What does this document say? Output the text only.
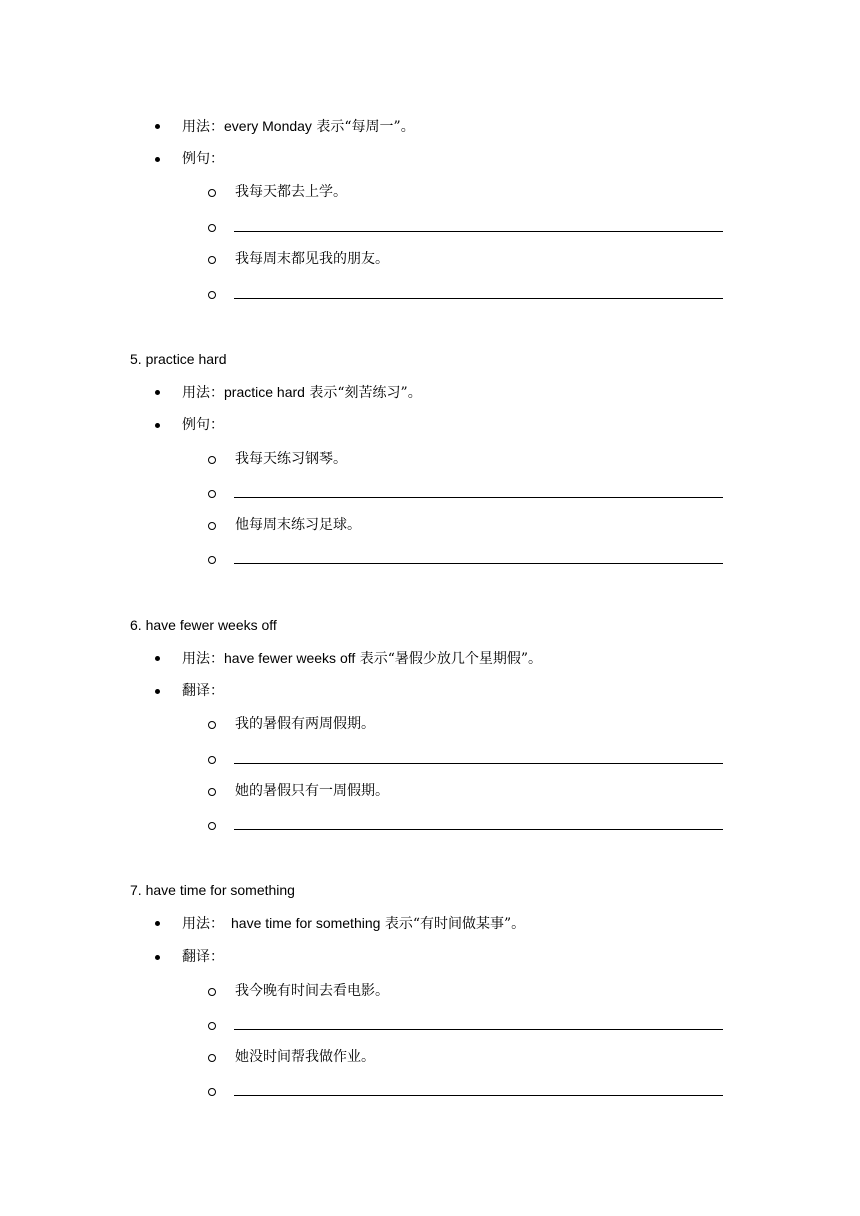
用法：every Monday 表示“每周一”。
例句：
我每天都去上学。
我每周末都见我的朋友。
5. practice hard
用法：practice hard 表示“刻苦练习”。
例句：
我每天练习钢琴。
他每周末练习足球。
6. have fewer weeks off
用法：have fewer weeks off 表示“暑假少放几个星期假”。
翻译：
我的暑假有两周假期。
她的暑假只有一周假期。
7. have time for something
用法： have time for something 表示“有时间做某事”。
翻译：
我今晚有时间去看电影。
她没时间帮我做作业。
